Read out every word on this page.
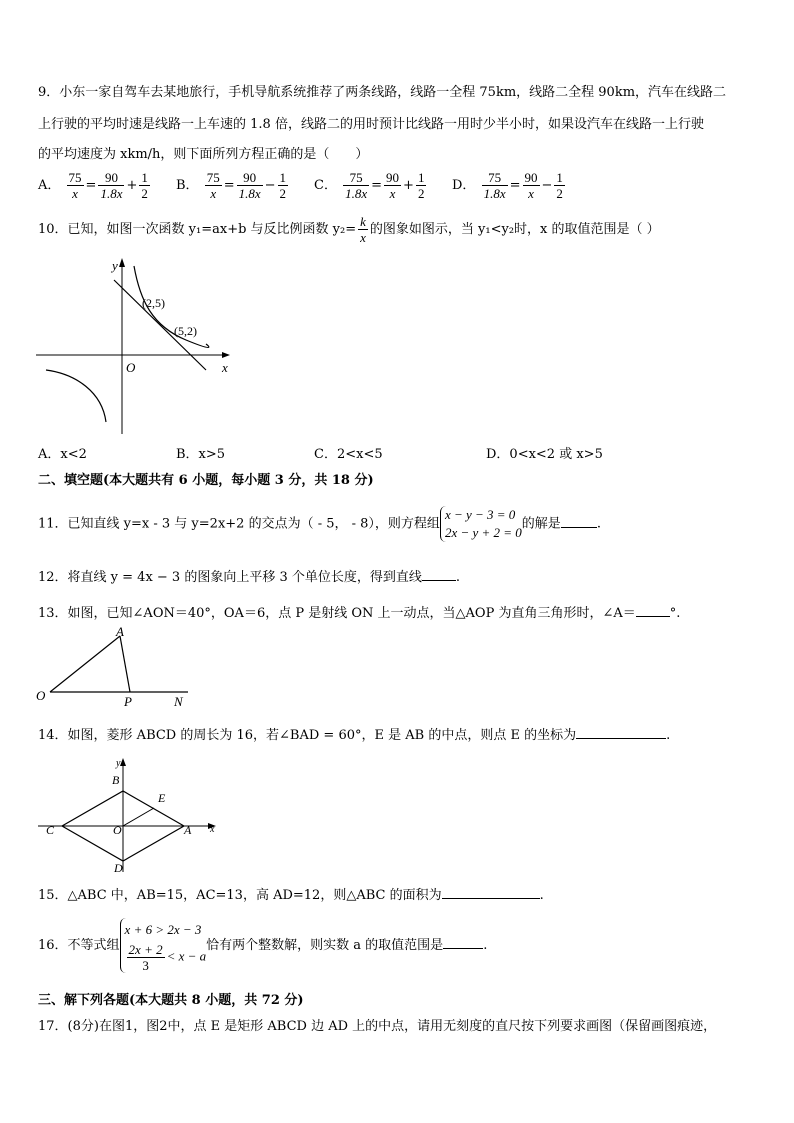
9．小东一家自驾车去某地旅行，手机导航系统推荐了两条线路，线路一全程 75km，线路二全程 90km，汽车在线路二
上行驶的平均时速是线路一上车速的 1.8 倍，线路二的用时预计比线路一用时少半小时，如果设汽车在线路一上行驶
的平均速度为 xkm/h，则下面所列方程正确的是（　　）
A． $\frac{75}{x} = \frac{90}{1.8x} + \frac{1}{2}$ B． $\frac{75}{x} = \frac{90}{1.8x} - \frac{1}{2}$ C． $\frac{75}{1.8x} = \frac{90}{x} + \frac{1}{2}$ D． $\frac{75}{1.8x} = \frac{90}{x} - \frac{1}{2}$
10．已知，如图一次函数 y₁=ax+b 与反比例函数 $y_2= \frac{k}{x}$ 的图象如图示，当 y₁<y₂时，x 的取值范围是（ ）
y
x
O
(2,5)
(5,2)
A．x<2	B．x>5	C．2<x<5	D．0<x<2 或 x>5
二、填空题(本大题共有 6 小题，每小题 3 分，共 18 分)
11．已知直线 y=x - 3 与 y=2x+2 的交点为（ - 5， - 8），则方程组
x − y − 3 = 0
2x − y + 2 = 0
的解是	.
12．将直线 y = 4x − 3 的图象向上平移 3 个单位长度，得到直线	.
13．如图，已知∠AON＝40°，OA＝6，点 P 是射线 ON 上一动点，当△AOP 为直角三角形时，∠A＝	°.
A
O	P	N
14．如图，菱形 ABCD 的周长为 16，若∠BAD = 60°，E 是 AB 的中点，则点 E 的坐标为	.
y
x
B
E
C	O	A
D
15．△ABC 中，AB=15，AC=13，高 AD=12，则△ABC 的面积为	.
16．不等式组
x + 6 > 2x − 3
$\frac{2x + 2}{3} < x - a$
恰有两个整数解，则实数 a 的取值范围是	.
三、解下列各题(本大题共 8 小题，共 72 分)
17．(8分)在图1，图2中，点 E 是矩形 ABCD 边 AD 上的中点，请用无刻度的直尺按下列要求画图（保留画图痕迹，
